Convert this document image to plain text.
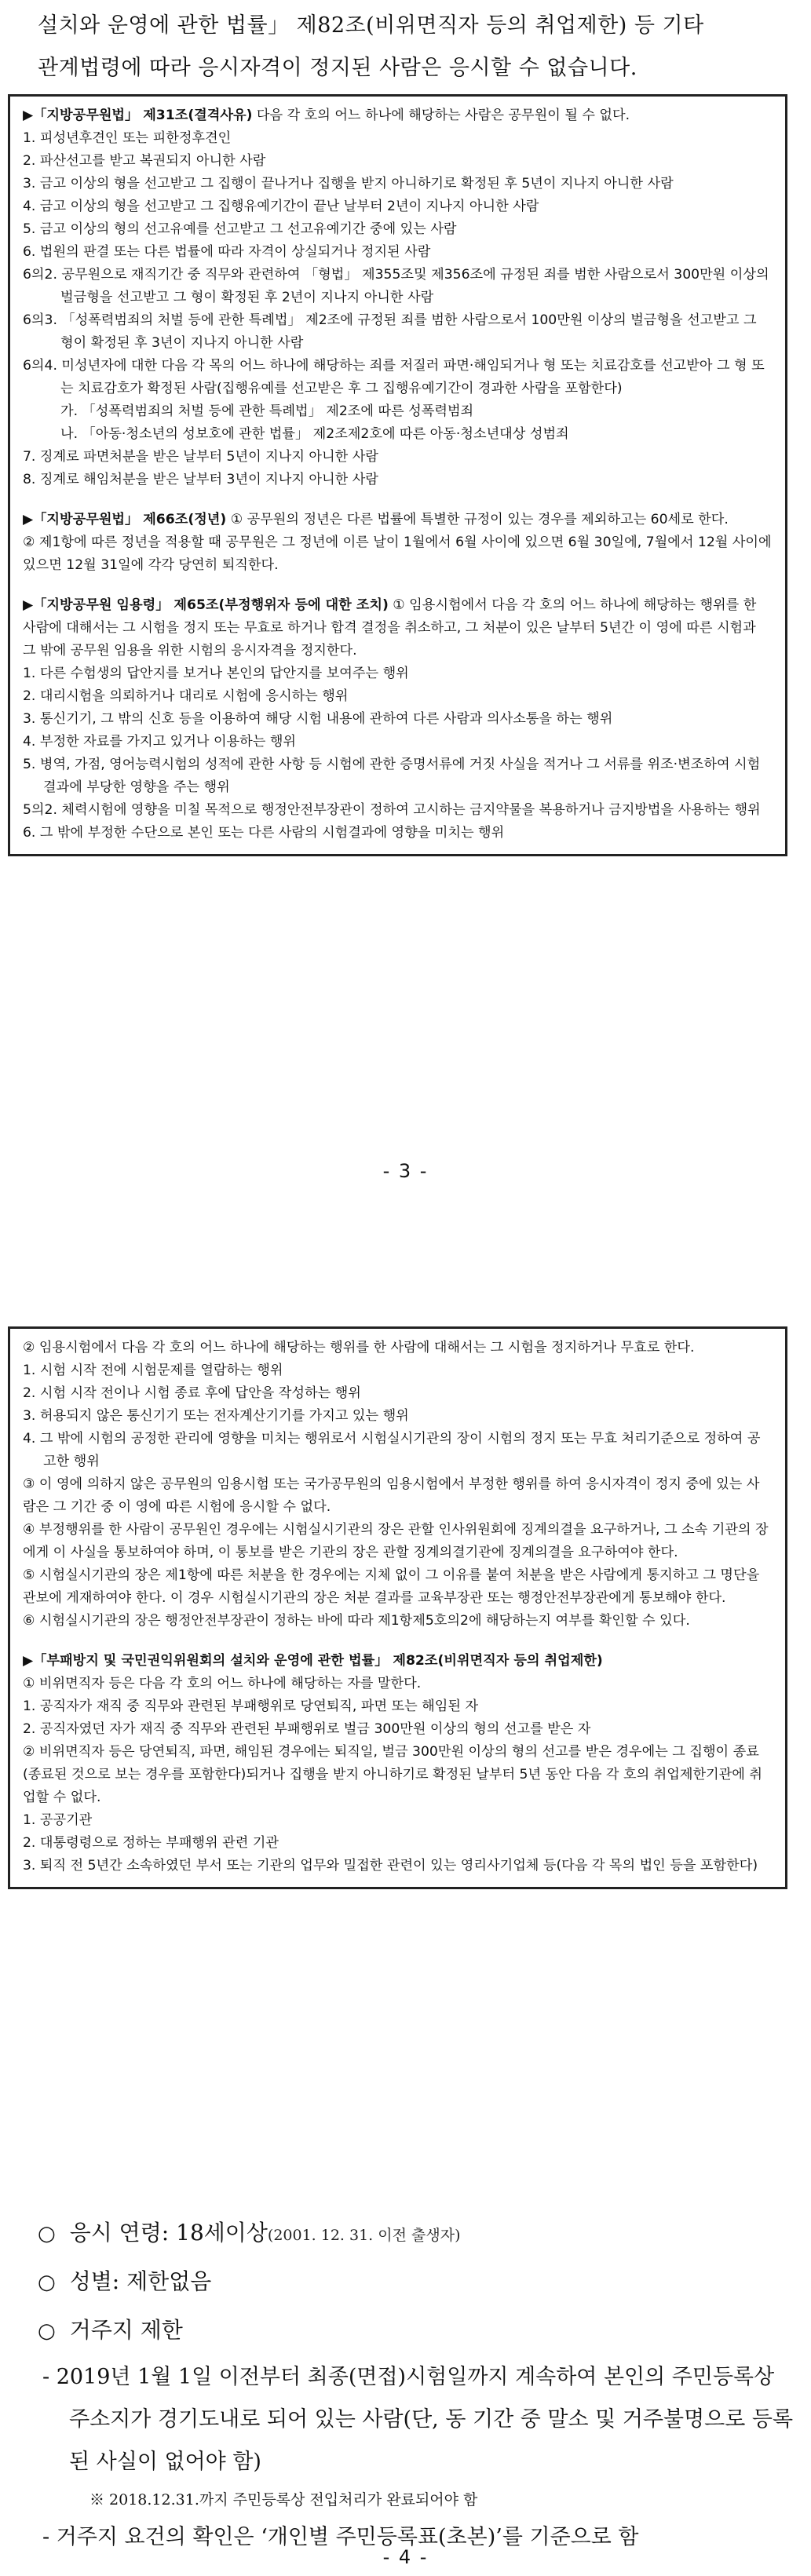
설치와 운영에 관한 법률」 제82조(비위면직자 등의 취업제한) 등 기타

관계법령에 따라 응시자격이 정지된 사람은 응시할 수 없습니다.

▶「지방공무원법」 제31조(결격사유) 다음 각 호의 어느 하나에 해당하는 사람은 공무원이 될 수 없다.

1. 피성년후견인 또는 피한정후견인

2. 파산선고를 받고 복권되지 아니한 사람

3. 금고 이상의 형을 선고받고 그 집행이 끝나거나 집행을 받지 아니하기로 확정된 후 5년이 지나지 아니한 사람

4. 금고 이상의 형을 선고받고 그 집행유예기간이 끝난 날부터 2년이 지나지 아니한 사람

5. 금고 이상의 형의 선고유예를 선고받고 그 선고유예기간 중에 있는 사람

6. 법원의 판결 또는 다른 법률에 따라 자격이 상실되거나 정지된 사람

6의2. 공무원으로 재직기간 중 직무와 관련하여 「형법」 제355조및 제356조에 규정된 죄를 범한 사람으로서 300만원 이상의 벌금형을 선고받고 그 형이 확정된 후 2년이 지나지 아니한 사람

6의3. 「성폭력범죄의 처벌 등에 관한 특례법」 제2조에 규정된 죄를 범한 사람으로서 100만원 이상의 벌금형을 선고받고 그 형이 확정된 후 3년이 지나지 아니한 사람

6의4. 미성년자에 대한 다음 각 목의 어느 하나에 해당하는 죄를 저질러 파면·해임되거나 형 또는 치료감호를 선고받아 그 형 또는 치료감호가 확정된 사람(집행유예를 선고받은 후 그 집행유예기간이 경과한 사람을 포함한다)

가. 「성폭력범죄의 처벌 등에 관한 특례법」 제2조에 따른 성폭력범죄

나. 「아동·청소년의 성보호에 관한 법률」 제2조제2호에 따른 아동·청소년대상 성범죄

7. 징계로 파면처분을 받은 날부터 5년이 지나지 아니한 사람

8. 징계로 해임처분을 받은 날부터 3년이 지나지 아니한 사람

▶「지방공무원법」 제66조(정년) ① 공무원의 정년은 다른 법률에 특별한 규정이 있는 경우를 제외하고는 60세로 한다.

② 제1항에 따른 정년을 적용할 때 공무원은 그 정년에 이른 날이 1월에서 6월 사이에 있으면 6월 30일에, 7월에서 12월 사이에 있으면 12월 31일에 각각 당연히 퇴직한다.

▶「지방공무원 임용령」 제65조(부정행위자 등에 대한 조치) ① 임용시험에서 다음 각 호의 어느 하나에 해당하는 행위를 한 사람에 대해서는 그 시험을 정지 또는 무효로 하거나 합격 결정을 취소하고, 그 처분이 있은 날부터 5년간 이 영에 따른 시험과 그 밖에 공무원 임용을 위한 시험의 응시자격을 정지한다.

1. 다른 수험생의 답안지를 보거나 본인의 답안지를 보여주는 행위

2. 대리시험을 의뢰하거나 대리로 시험에 응시하는 행위

3. 통신기기, 그 밖의 신호 등을 이용하여 해당 시험 내용에 관하여 다른 사람과 의사소통을 하는 행위

4. 부정한 자료를 가지고 있거나 이용하는 행위

5. 병역, 가점, 영어능력시험의 성적에 관한 사항 등 시험에 관한 증명서류에 거짓 사실을 적거나 그 서류를 위조·변조하여 시험결과에 부당한 영향을 주는 행위

5의2. 체력시험에 영향을 미칠 목적으로 행정안전부장관이 정하여 고시하는 금지약물을 복용하거나 금지방법을 사용하는 행위

6. 그 밖에 부정한 수단으로 본인 또는 다른 사람의 시험결과에 영향을 미치는 행위

- 3 -

② 임용시험에서 다음 각 호의 어느 하나에 해당하는 행위를 한 사람에 대해서는 그 시험을 정지하거나 무효로 한다.

1. 시험 시작 전에 시험문제를 열람하는 행위

2. 시험 시작 전이나 시험 종료 후에 답안을 작성하는 행위

3. 허용되지 않은 통신기기 또는 전자계산기기를 가지고 있는 행위

4. 그 밖에 시험의 공정한 관리에 영향을 미치는 행위로서 시험실시기관의 장이 시험의 정지 또는 무효 처리기준으로 정하여 공고한 행위

③ 이 영에 의하지 않은 공무원의 임용시험 또는 국가공무원의 임용시험에서 부정한 행위를 하여 응시자격이 정지 중에 있는 사람은 그 기간 중 이 영에 따른 시험에 응시할 수 없다.

④ 부정행위를 한 사람이 공무원인 경우에는 시험실시기관의 장은 관할 인사위원회에 징계의결을 요구하거나, 그 소속 기관의 장에게 이 사실을 통보하여야 하며, 이 통보를 받은 기관의 장은 관할 징계의결기관에 징계의결을 요구하여야 한다.

⑤ 시험실시기관의 장은 제1항에 따른 처분을 한 경우에는 지체 없이 그 이유를 붙여 처분을 받은 사람에게 통지하고 그 명단을 관보에 게재하여야 한다. 이 경우 시험실시기관의 장은 처분 결과를 교육부장관 또는 행정안전부장관에게 통보해야 한다.

⑥ 시험실시기관의 장은 행정안전부장관이 정하는 바에 따라 제1항제5호의2에 해당하는지 여부를 확인할 수 있다.

▶「부패방지 및 국민권익위원회의 설치와 운영에 관한 법률」 제82조(비위면직자 등의 취업제한)

① 비위면직자 등은 다음 각 호의 어느 하나에 해당하는 자를 말한다.

1. 공직자가 재직 중 직무와 관련된 부패행위로 당연퇴직, 파면 또는 해임된 자

2. 공직자였던 자가 재직 중 직무와 관련된 부패행위로 벌금 300만원 이상의 형의 선고를 받은 자

② 비위면직자 등은 당연퇴직, 파면, 해임된 경우에는 퇴직일, 벌금 300만원 이상의 형의 선고를 받은 경우에는 그 집행이 종료(종료된 것으로 보는 경우를 포함한다)되거나 집행을 받지 아니하기로 확정된 날부터 5년 동안 다음 각 호의 취업제한기관에 취업할 수 없다.

1. 공공기관

2. 대통령령으로 정하는 부패행위 관련 기관

3. 퇴직 전 5년간 소속하였던 부서 또는 기관의 업무와 밀접한 관련이 있는 영리사기업체 등(다음 각 목의 법인 등을 포함한다)

○ 응시 연령: 18세이상(2001. 12. 31. 이전 출생자)
○ 성별: 제한없음
○ 거주지 제한

- 2019년 1월 1일 이전부터 최종(면접)시험일까지 계속하여 본인의 주민등록상 주소지가 경기도내로 되어 있는 사람(단, 동 기간 중 말소 및 거주불명으로 등록된 사실이 없어야 함)

※ 2018.12.31.까지 주민등록상 전입처리가 완료되어야 함

- 거주지 요건의 확인은 ‘개인별 주민등록표(초본)’를 기준으로 함

- 4 -
